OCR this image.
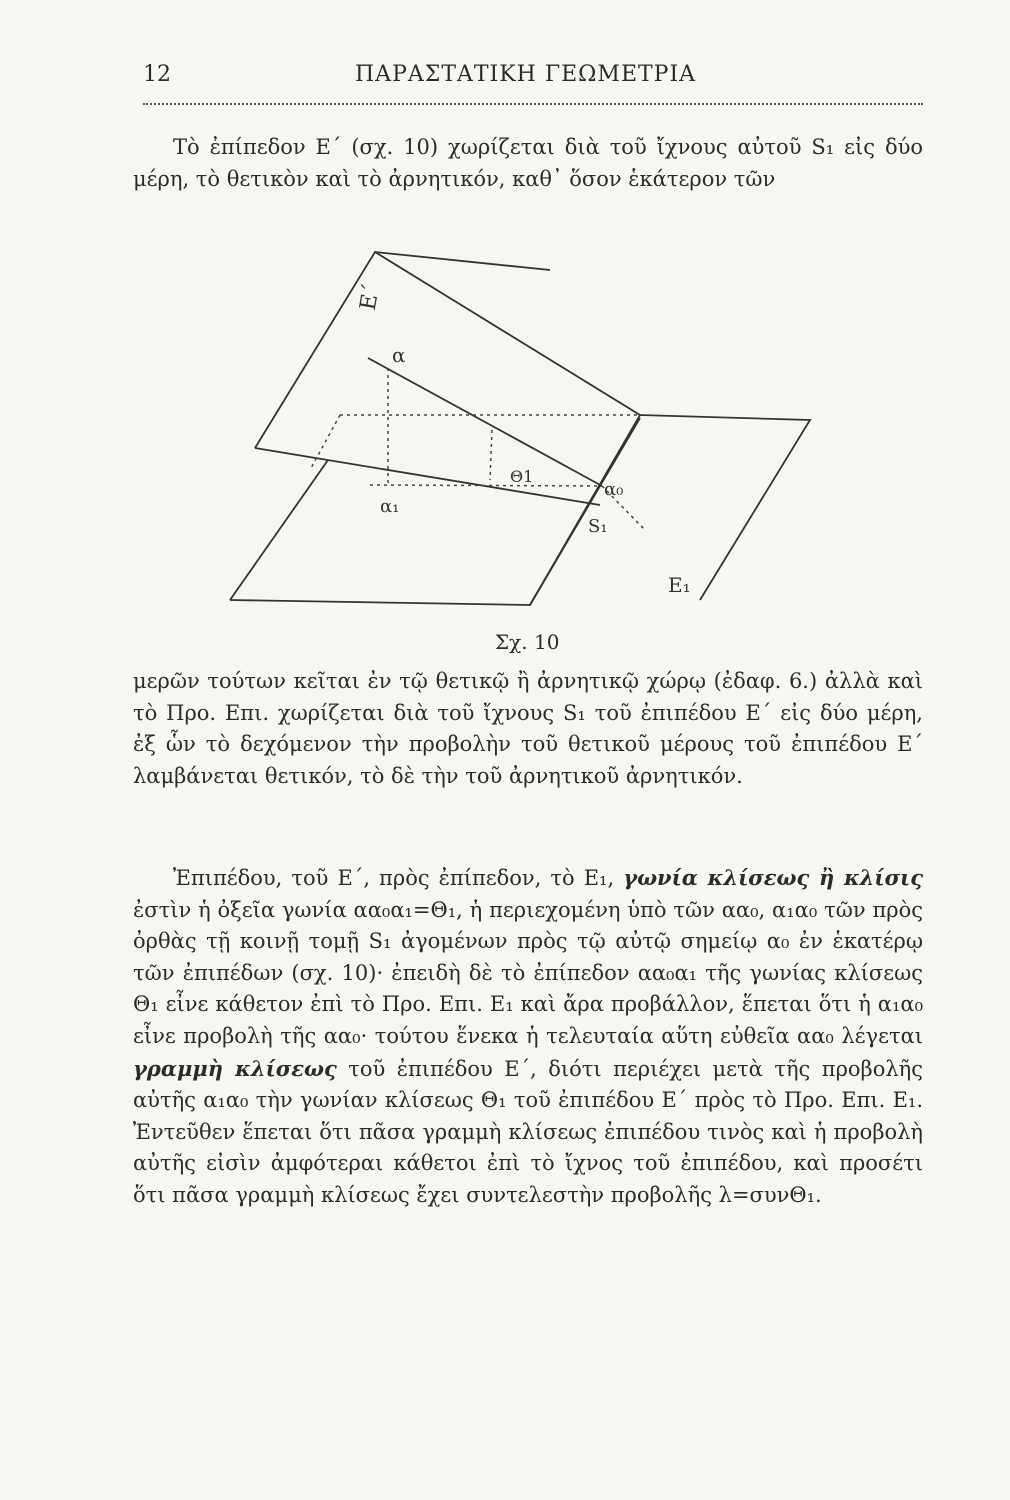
12	ΠΑΡΑΣΤΑΤΙΚΗ ΓΕΩΜΕΤΡΙΑ

Τὸ ἐπίπεδον Ε΄ (σχ. 10) χωρίζεται διὰ τοῦ ἴχνους αὐτοῦ S₁ εἰς δύο μέρη, τὸ θετικὸν καὶ τὸ ἀρνητικόν, καθ᾽ ὅσον ἑκάτερον τῶν

Ε΄
α
α₁
Θ1
α₀
S₁
Ε₁
Σχ. 10

μερῶν τούτων κεῖται ἐν τῷ θετικῷ ἢ ἀρνητικῷ χώρῳ (ἐδαφ. 6.) ἀλλὰ καὶ τὸ Προ. Επι. χωρίζεται διὰ τοῦ ἴχνους S₁ τοῦ ἐπιπέδου Ε΄ εἰς δύο μέρη, ἐξ ὧν τὸ δεχόμενον τὴν προβολὴν τοῦ θετικοῦ μέρους τοῦ ἐπιπέδου Ε΄ λαμβάνεται θετικόν, τὸ δὲ τὴν τοῦ ἀρνητικοῦ ἀρνητικόν.

Ἐπιπέδου, τοῦ Ε΄, πρὸς ἐπίπεδον, τὸ Ε₁, γωνία κλίσεως ἢ κλίσις ἐστὶν ἡ ὀξεῖα γωνία αα₀α₁=Θ₁, ἡ περιεχομένη ὑπὸ τῶν αα₀, α₁α₀ τῶν πρὸς ὀρθὰς τῇ κοινῇ τομῇ S₁ ἀγομένων πρὸς τῷ αὐτῷ σημείῳ α₀ ἐν ἑκατέρῳ τῶν ἐπιπέδων (σχ. 10)· ἐπειδὴ δὲ τὸ ἐπίπεδον αα₀α₁ τῆς γωνίας κλίσεως Θ₁ εἶνε κάθετον ἐπὶ τὸ Προ. Επι. Ε₁ καὶ ἄρα προβάλλον, ἕπεται ὅτι ἡ α₁α₀ εἶνε προβολὴ τῆς αα₀· τούτου ἕνεκα ἡ τελευταία αὕτη εὐθεῖα αα₀ λέγεται γραμμὴ κλίσεως τοῦ ἐπιπέδου Ε΄, διότι περιέχει μετὰ τῆς προβολῆς αὐτῆς α₁α₀ τὴν γωνίαν κλίσεως Θ₁ τοῦ ἐπιπέδου Ε΄ πρὸς τὸ Προ. Επι. Ε₁. Ἐντεῦθεν ἕπεται ὅτι πᾶσα γραμμὴ κλίσεως ἐπιπέδου τινὸς καὶ ἡ προβολὴ αὐτῆς εἰσὶν ἀμφότεραι κάθετοι ἐπὶ τὸ ἴχνος τοῦ ἐπιπέδου, καὶ προσέτι ὅτι πᾶσα γραμμὴ κλίσεως ἔχει συντελεστὴν προβολῆς λ=συνΘ₁.
